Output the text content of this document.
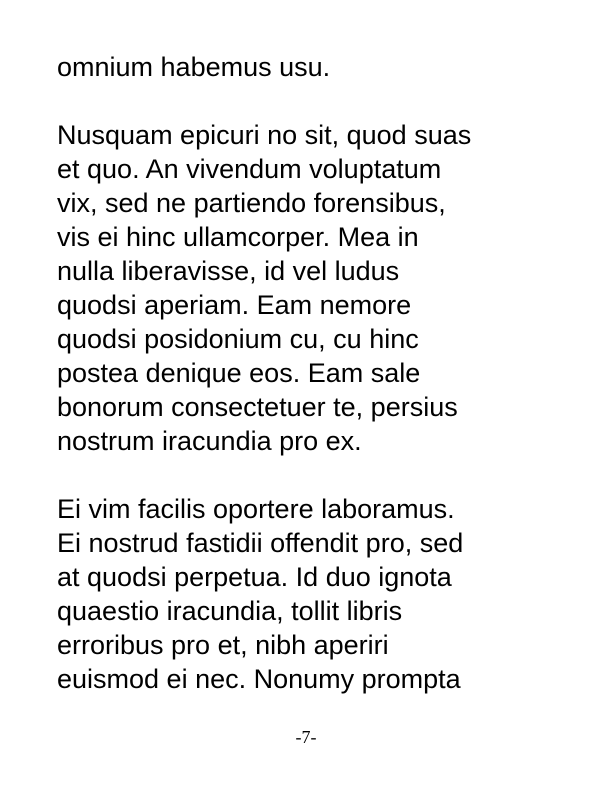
omnium habemus usu.
Nusquam epicuri no sit, quod suas
et quo. An vivendum voluptatum
vix, sed ne partiendo forensibus,
vis ei hinc ullamcorper. Mea in
nulla liberavisse, id vel ludus
quodsi aperiam. Eam nemore
quodsi posidonium cu, cu hinc
postea denique eos. Eam sale
bonorum consectetuer te, persius
nostrum iracundia pro ex.
Ei vim facilis oportere laboramus.
Ei nostrud fastidii offendit pro, sed
at quodsi perpetua. Id duo ignota
quaestio iracundia, tollit libris
erroribus pro et, nibh aperiri
euismod ei nec. Nonumy prompta
-7-
